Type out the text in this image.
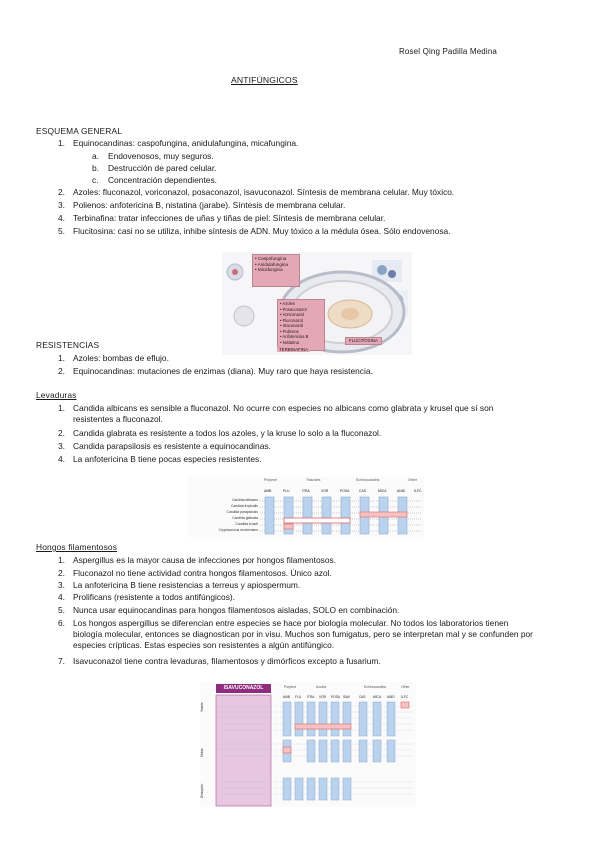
Rosel Qing Padilla Medina
ANTIFÚNGICOS
ESQUEMA GENERAL
1. Equinocandinas: caspofungina, anidulafungina, micafungina.
a. Endovenosos, muy seguros.
b. Destrucción de pared celular.
c. Concentración dependientes.
2. Azoles: fluconazol, voriconazol, posaconazol, isavuconazol. Síntesis de membrana celular. Muy tóxico.
3. Polienos: anfotericina B, nistatina (jarabe). Síntesis de membrana celular.
4. Terbinafina: tratar infecciones de uñas y tiñas de piel: Síntesis de membrana celular.
5. Flucitosina: casi no se utiliza, inhibe síntesis de ADN. Muy tóxico a la médula ósea. Sólo endovenosa.
• Caspofungina
• Anidulafungina
• Micafungina
• Azoles
• Posaconazol
• Voriconazol
• Fluconazol
• Itraconazol
• Polienos
• Anfotericina B
• Nistatina
TERBINAFINA
FLUCITOSINA
RESISTENCIAS
1. Azoles: bombas de eflujo.
2. Equinocandinas: mutaciones de enzimas (diana). Muy raro que haya resistencia.
Levaduras
1. Candida albicans es sensible a fluconazol. No ocurre con especies no albicans como glabrata y krusel que sí son resistentes a fluconazol.
2. Candida glabrata es resistente a todos los azoles, y la kruse lo solo a la fluconazol.
3. Candida parapsilosis es resistente a equinocandinas.
4. La anfotericina B tiene pocas especies resistentes.
Polyene	Triazoles	Echinocandins	Other
AMB	FLU	ITRA	VOR	POSA	CAS	MICA	ANID	5-FC
Candida albicans
Candida tropicalis
Candida parapsilosis
Candida glabrata
Candida krusei
Cryptococcus neoformans
Hongos filamentosos
1. Aspergillus es la mayor causa de infecciones por hongos filamentosos.
2. Fluconazol no tiene actividad contra hongos filamentosos. Único azol.
3. La anfotericina B tiene resistencias a terreus y apiospermum.
4. Prolificans (resistente a todos antifúngicos).
5. Nunca usar equinocandinas para hongos filamentosos aisladas, SOLO en combinación.
6. Los hongos aspergillus se diferencian entre especies se hace por biología molecular. No todos los laboratorios tienen biología molecular, entonces se diagnostican por in visu. Muchos son fumigatus, pero se interpretan mal y se confunden por especies crípticas. Estas especies son resistentes a algún antifúngico.
7. Isavuconazol tiene contra levaduras, filamentosos y dimórficos excepto a fusarium.
ISAVUCONAZOL	Polyene	Azoles	Echinocandins	Other
AMB FLU ITRA VOR POSA ISAV	CAS MICA ANID 5-FC
Yeasts
Molds
Dimorphic
